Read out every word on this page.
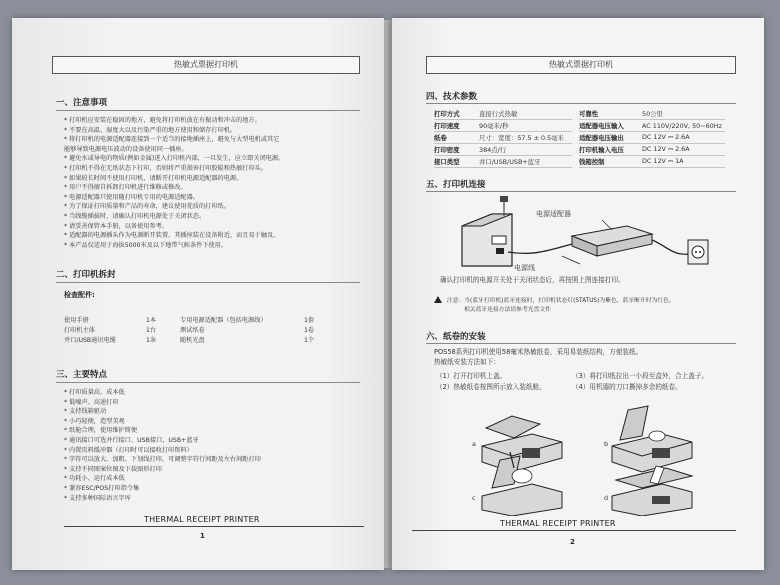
热敏式票据打印机
一、注意事项
* 打印机应安装在稳固的地方，避免将打印机放在有振动和冲击的地方。
* 不要在高温、湿度大以及污染严重的地方使用和储存打印机。
* 将打印机的电源适配器连接到一个适当的接地插座上，避免与大型电机或其它
能够导致电源电压波动的设备使用同一插座。
* 避免水或导电的物质(例如金属)进入打印机内部，一旦发生，应立即关闭电源。
* 打印机不得在无纸状态下打印，否则将严重损害打印胶辊和热敏打印头。
* 如果较长时间不使用打印机，请断开打印机电源适配器的电源。
* 用户不得擅自拆卸打印机进行维修或修改。
* 电源适配器只使用随打印机专用的电源适配器。
* 为了保证打印质量和产品的寿命，建议使用优质的打印纸。
* 当线缆插拔时，请确认打印机电源处于关闭状态。
* 请妥善保管本手册，以备使用参考。
* 适配器的电源插头作为电源断开装置，其插座装在设备附近，而且易于触及。
* 本产品仅适用于海拔5000米及以下地带气候条件下使用。
二、打印机拆封
检查配件:
使用手册	1本	专用电源适配器（包括电源线）	1套
打印机主体	1台	测试纸卷	1卷
并口/USB通讯电缆	1条	随机光盘	1个
三、主要特点
* 打印质量高，成本低
* 低噪声、高速打印
* 支持钱箱驱动
* 小巧轻便，造型美观
* 纸舱合理，使用维护简便
* 通讯接口可选并行接口、USB接口、USB+蓝牙
* 内置页料缓冲器（打印时可以接收打印资料）
* 字符可以放大、加粗、下划线打印，可调整字符行间距及左右间距打印
* 支持不同图案位图及下载图形打印
* 功耗小、运行成本低
* 兼容ESC/POS打印指令集
* 支持多种国际语言字库
THERMAL RECEIPT PRINTER
1
热敏式票据打印机
四、技术参数
打印方式	直接行式热敏		可靠性	50公里
打印速度	90毫米/秒		适配器电压输入	AC 110V/220V, 50~60Hz
纸卷	尺寸：宽度：57.5 ± 0.5毫米		适配器电压输出	DC 12V ⎓ 2.6A
打印密度	384点/行		打印机输入电压	DC 12V ⎓ 2.6A
接口类型	并口/USB/USB+蓝牙		钱箱控制	DC 12V ⎓ 1A
五、打印机连接
电源适配器
电源线
确认打印机的电源开关处于关闭状态后，再按照上图连接打印。
注意：当(蓝牙打印机)蓝牙连接时，打印机状态灯(STATUS)为紫色，蓝牙断开时为红色。
相关蓝牙连接方法请参考光盘文件
六、纸卷的安装
POS58系列打印机使用58毫米热敏纸卷，采用易装纸结构，方便装纸。
热敏纸安装方法如下：
（1）打开打印机上盖。
（2）热敏纸卷按图所示放入装纸舱。
（3）将打印纸拉出一小段至盒外，合上盖子。
（4）用机器的刀口撕掉多余的纸卷。
a	b
c	d
THERMAL RECEIPT PRINTER
2
